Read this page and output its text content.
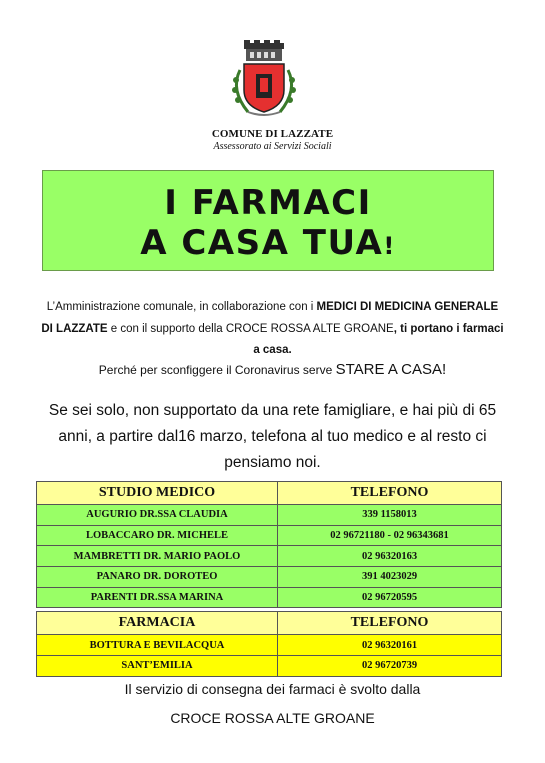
COMUNE DI LAZZATE
Assessorato ai Servizi Sociali
I FARMACI
A CASA TUA!
L’Amministrazione comunale, in collaborazione con i MEDICI DI MEDICINA GENERALE DI LAZZATE e con il supporto della CROCE ROSSA ALTE GROANE, ti portano i farmaci a casa.
Perché per sconfiggere il Coronavirus serve STARE A CASA!
Se sei solo, non supportato da una rete famigliare, e hai più di 65 anni, a partire dal16 marzo, telefona al tuo medico e al resto ci pensiamo noi.
STUDIO MEDICO	TELEFONO
AUGURIO DR.SSA CLAUDIA	339 1158013
LOBACCARO DR. MICHELE	02 96721180 - 02 96343681
MAMBRETTI DR. MARIO PAOLO	02 96320163
PANARO DR. DOROTEO	391 4023029
PARENTI DR.SSA MARINA	02 96720595

FARMACIA	TELEFONO
BOTTURA E BEVILACQUA	02 96320161
SANT’EMILIA	02 96720739
Il servizio di consegna dei farmaci è svolto dalla
CROCE ROSSA ALTE GROANE
